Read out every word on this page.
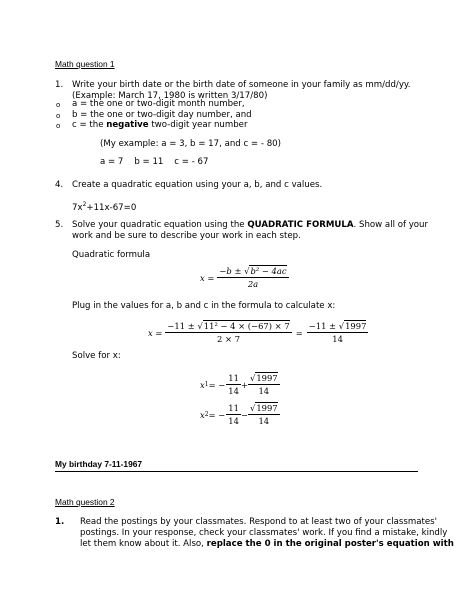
Math question 1
1. Write your birth date or the birth date of someone in your family as mm/dd/yy.
(Example: March 17, 1980 is written 3/17/80)
o a = the one or two-digit month number,
o b = the one or two-digit day number, and
o c = the negative two-digit year number
(My example: a = 3, b = 17, and c = - 80)
a = 7    b = 11    c = - 67
4. Create a quadratic equation using your a, b, and c values.
$7x^2+11x-67=0$
5. Solve your quadratic equation using the QUADRATIC FORMULA. Show all of your
work and be sure to describe your work in each step.
Quadratic formula
$x = \frac{\text{−b ± √b² − 4ac}}{2a}$
Plug in the values for a, b and c in the formula to calculate x:
$x = \frac{\text{−11 ± √11² − 4 × (−67) × 7}}{2 \times 7} = \frac{-11 \pm √1997}{14}$
Solve for x:
x 1 = − $\frac{11}{14} + \frac{√1997}{14}$
x 2 = − $\frac{11}{14} - \frac{√1997}{14}$
My birthday 7-11-1967
Math question 2
1. Read the postings by your classmates. Respond to at least two of your classmates'
postings. In your response, check your classmates' work. If you find a mistake, kindly
let them know about it. Also, replace the 0 in the original poster's equation with
